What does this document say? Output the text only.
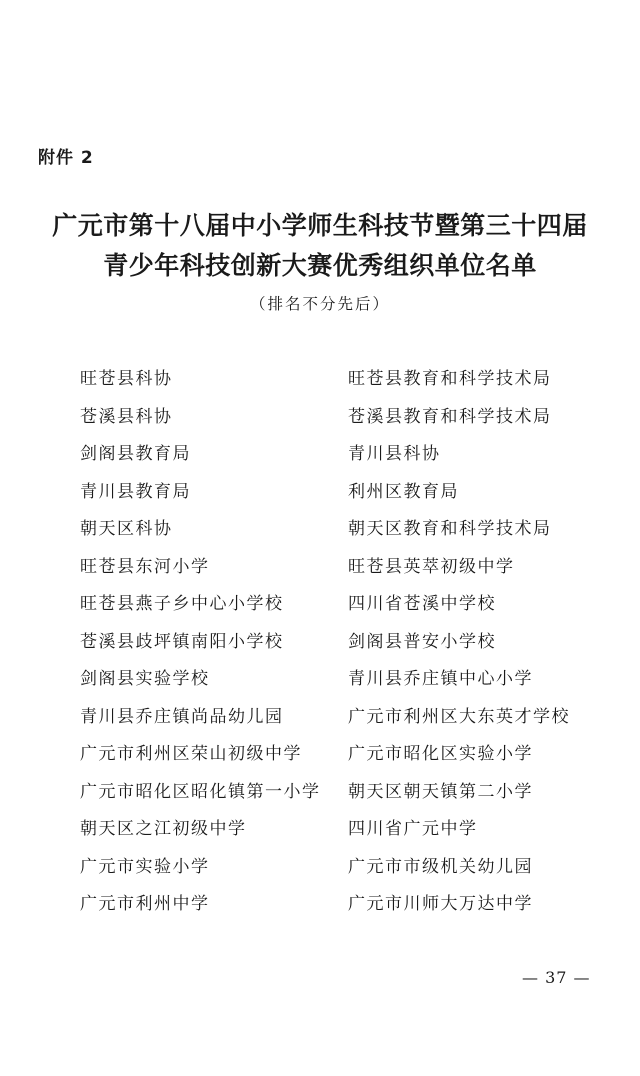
附件 2
广元市第十八届中小学师生科技节暨第三十四届
青少年科技创新大赛优秀组织单位名单
（排名不分先后）
旺苍县科协	旺苍县教育和科学技术局
苍溪县科协	苍溪县教育和科学技术局
剑阁县教育局	青川县科协
青川县教育局	利州区教育局
朝天区科协	朝天区教育和科学技术局
旺苍县东河小学	旺苍县英萃初级中学
旺苍县燕子乡中心小学校	四川省苍溪中学校
苍溪县歧坪镇南阳小学校	剑阁县普安小学校
剑阁县实验学校	青川县乔庄镇中心小学
青川县乔庄镇尚品幼儿园	广元市利州区大东英才学校
广元市利州区荣山初级中学	广元市昭化区实验小学
广元市昭化区昭化镇第一小学 朝天区朝天镇第二小学
朝天区之江初级中学	四川省广元中学
广元市实验小学	广元市市级机关幼儿园
广元市利州中学	广元市川师大万达中学
— 37 —
